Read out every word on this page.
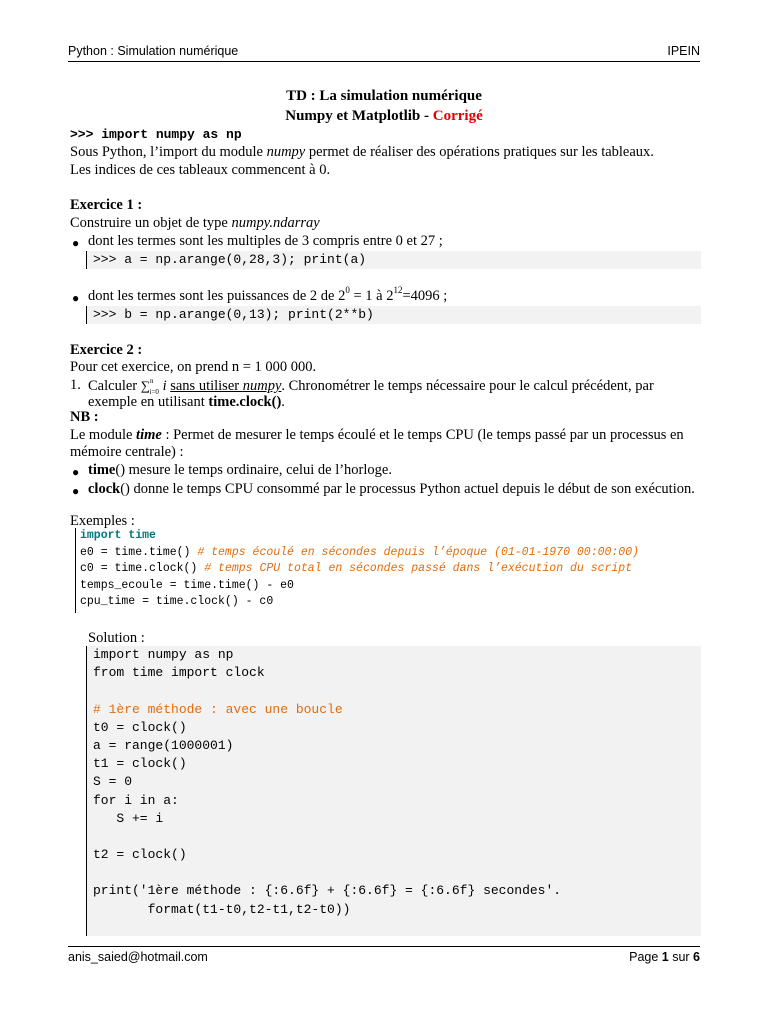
Python : Simulation numérique	IPEIN
TD : La simulation numérique
Numpy et Matplotlib - Corrigé
>>> import numpy as np
Sous Python, l’import du module numpy permet de réaliser des opérations pratiques sur les tableaux.
Les indices de ces tableaux commencent à 0.
Exercice 1 :
Construire un objet de type numpy.ndarray
● dont les termes sont les multiples de 3 compris entre 0 et 27 ;
>>> a = np.arange(0,28,3); print(a)
● dont les termes sont les puissances de 2 de $2^0 = 1$ à $2^{12}=4096$ ;
>>> b = np.arange(0,13); print(2**b)
Exercice 2 :
Pour cet exercice, on prend n = 1 000 000.
1. Calculer ∑$^n_{i=0}$ i sans utiliser numpy. Chronométrer le temps nécessaire pour le calcul précédent, par
exemple en utilisant time.clock().
NB :
Le module time : Permet de mesurer le temps écoulé et le temps CPU (le temps passé par un processus en
mémoire centrale) :
● time() mesure le temps ordinaire, celui de l’horloge.
● clock() donne le temps CPU consommé par le processus Python actuel depuis le début de son exécution.
Exemples :
import time
e0 = time.time() # temps écoulé en sécondes depuis l’époque (01-01-1970 00:00:00)
c0 = time.clock() # temps CPU total en sécondes passé dans l’exécution du script
temps_ecoule = time.time() - e0
cpu_time = time.clock() - c0
Solution :
import numpy as np
from time import clock
# 1ère méthode : avec une boucle
t0 = clock()
a = range(1000001)
t1 = clock()
S = 0
for i in a:
S += i
t2 = clock()
print('1ère méthode : {:6.6f} + {:6.6f} = {:6.6f} secondes'.
format(t1-t0,t2-t1,t2-t0))
anis_saied@hotmail.com	Page 1 sur 6
